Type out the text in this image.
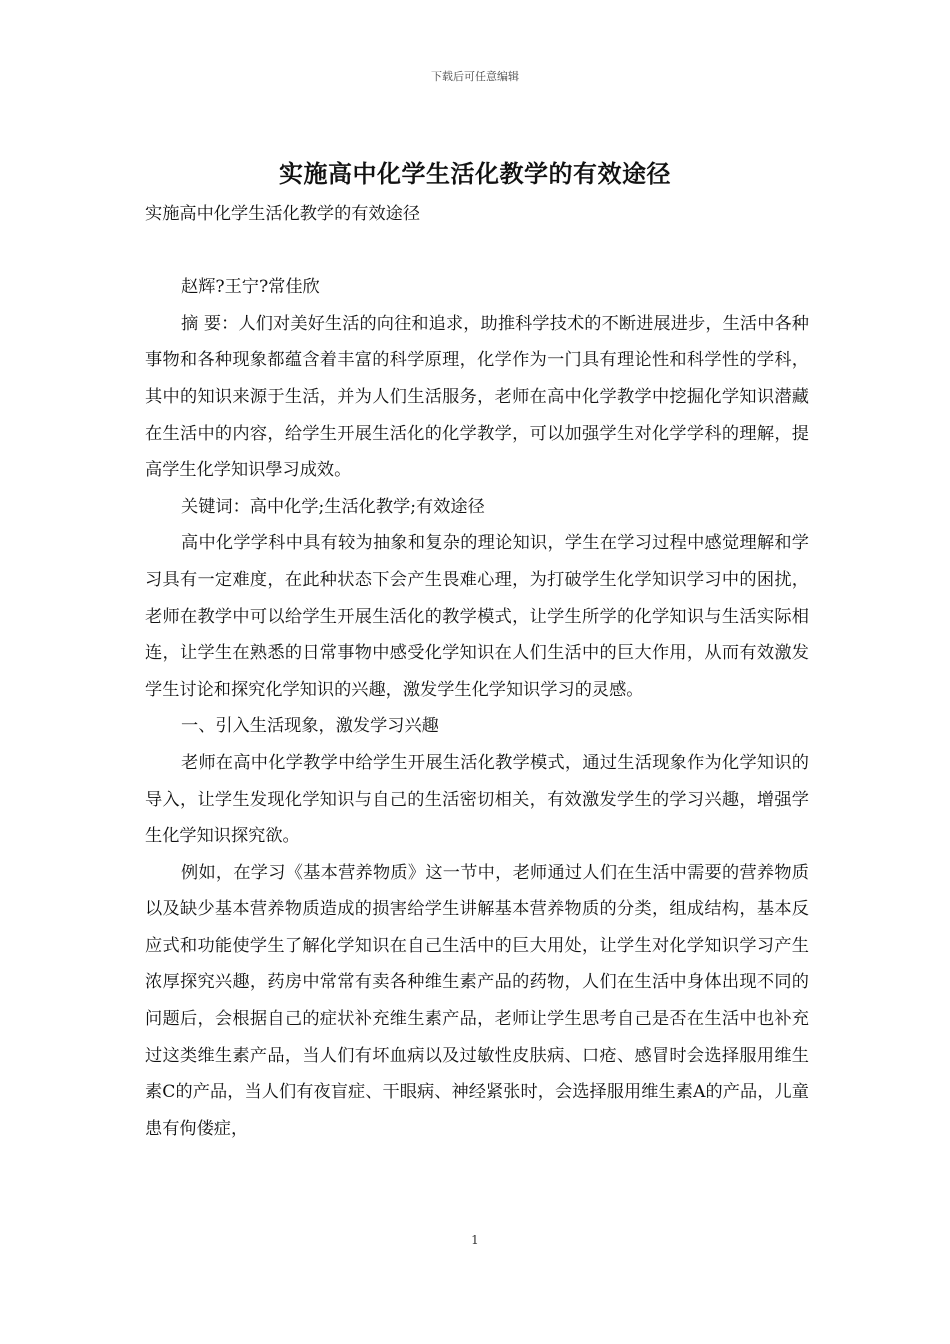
下载后可任意编辑
实施高中化学生活化教学的有效途径

实施高中化学生活化教学的有效途径

赵辉?王宁?常佳欣

摘 要：人们对美好生活的向往和追求，助推科学技术的不断进展进步，生活中各种事物和各种现象都蕴含着丰富的科学原理，化学作为一门具有理论性和科学性的学科，其中的知识来源于生活，并为人们生活服务，老师在高中化学教学中挖掘化学知识潜藏在生活中的内容，给学生开展生活化的化学教学，可以加强学生对化学学科的理解，提高学生化学知识學习成效。

关键词：高中化学;生活化教学;有效途径

高中化学学科中具有较为抽象和复杂的理论知识，学生在学习过程中感觉理解和学习具有一定难度，在此种状态下会产生畏难心理，为打破学生化学知识学习中的困扰，老师在教学中可以给学生开展生活化的教学模式，让学生所学的化学知识与生活实际相连，让学生在熟悉的日常事物中感受化学知识在人们生活中的巨大作用，从而有效激发学生讨论和探究化学知识的兴趣，激发学生化学知识学习的灵感。

一、引入生活现象，激发学习兴趣

老师在高中化学教学中给学生开展生活化教学模式，通过生活现象作为化学知识的导入，让学生发现化学知识与自己的生活密切相关，有效激发学生的学习兴趣，增强学生化学知识探究欲。

例如，在学习《基本营养物质》这一节中，老师通过人们在生活中需要的营养物质以及缺少基本营养物质造成的损害给学生讲解基本营养物质的分类，组成结构，基本反应式和功能使学生了解化学知识在自己生活中的巨大用处，让学生对化学知识学习产生浓厚探究兴趣，药房中常常有卖各种维生素产品的药物，人们在生活中身体出现不同的问题后，会根据自己的症状补充维生素产品，老师让学生思考自己是否在生活中也补充过这类维生素产品，当人们有坏血病以及过敏性皮肤病、口疮、感冒时会选择服用维生素C的产品，当人们有夜盲症、干眼病、神经紧张时，会选择服用维生素A的产品，儿童患有佝偻症，

1
